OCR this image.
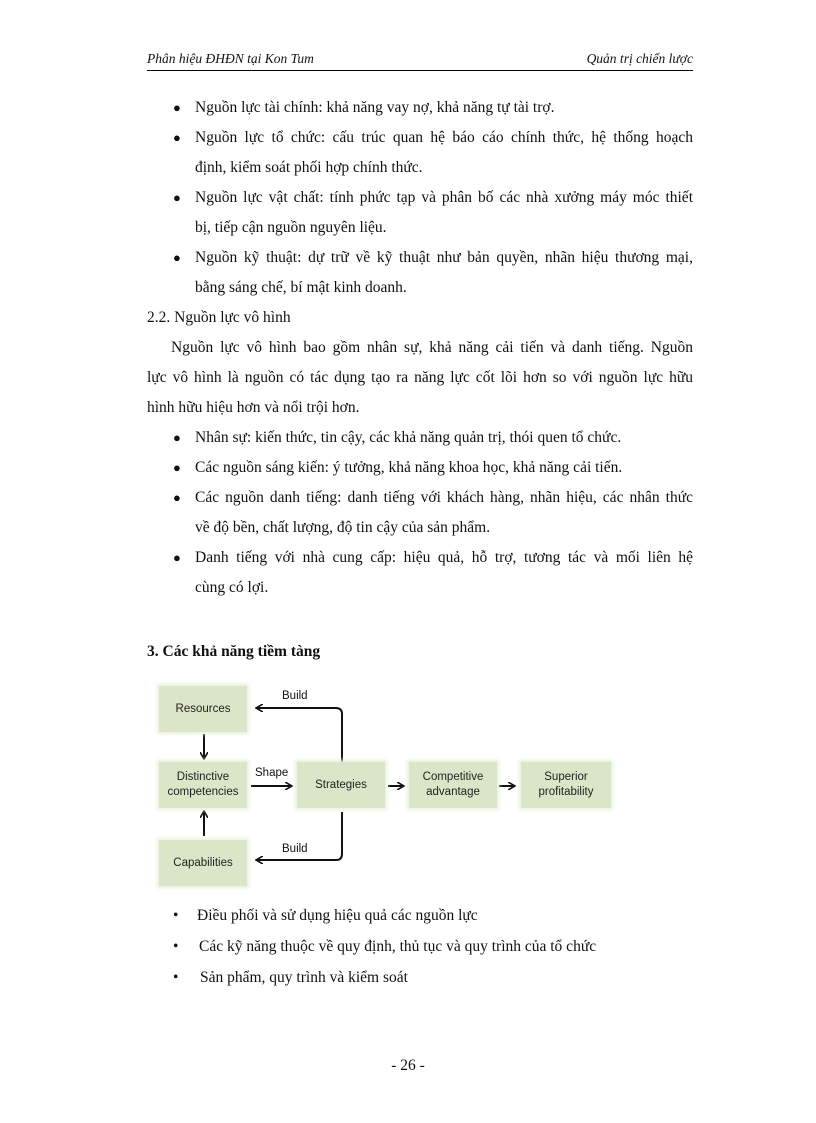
Phân hiệu ĐHĐN tại Kon Tum	Quản trị chiến lược
● Nguồn lực tài chính: khả năng vay nợ, khả năng tự tài trợ.
● Nguồn lực tổ chức: cấu trúc quan hệ báo cáo chính thức, hệ thống hoạch
định, kiểm soát phối hợp chính thức.
● Nguồn lực vật chất: tính phức tạp và phân bố các nhà xưởng máy móc thiết
bị, tiếp cận nguồn nguyên liệu.
● Nguồn kỹ thuật: dự trữ về kỹ thuật như bản quyền, nhãn hiệu thương mại,
bằng sáng chế, bí mật kinh doanh.
2.2. Nguồn lực vô hình
Nguồn lực vô hình bao gồm nhân sự, khả năng cải tiến và danh tiếng. Nguồn
lực vô hình là nguồn có tác dụng tạo ra năng lực cốt lõi hơn so với nguồn lực hữu
hình hữu hiệu hơn và nổi trội hơn.
● Nhân sự: kiến thức, tin cậy, các khả năng quản trị, thói quen tổ chức.
● Các nguồn sáng kiến: ý tưởng, khả năng khoa học, khả năng cải tiến.
● Các nguồn danh tiếng: danh tiếng với khách hàng, nhãn hiệu, các nhân thức
về độ bền, chất lượng, độ tin cậy của sản phẩm.
● Danh tiếng với nhà cung cấp: hiệu quả, hỗ trợ, tương tác và mối liên hệ
cùng có lợi.
3. Các khả năng tiềm tàng
Resources
Distinctive
competencies
Capabilities
Strategies
Competitive
advantage
Superior
profitability
Build
Build
Shape
• Điều phối và sử dụng hiệu quả các nguồn lực
• Các kỹ năng thuộc về quy định, thủ tục và quy trình của tổ chức
• Sản phẩm, quy trình và kiểm soát
- 26 -
